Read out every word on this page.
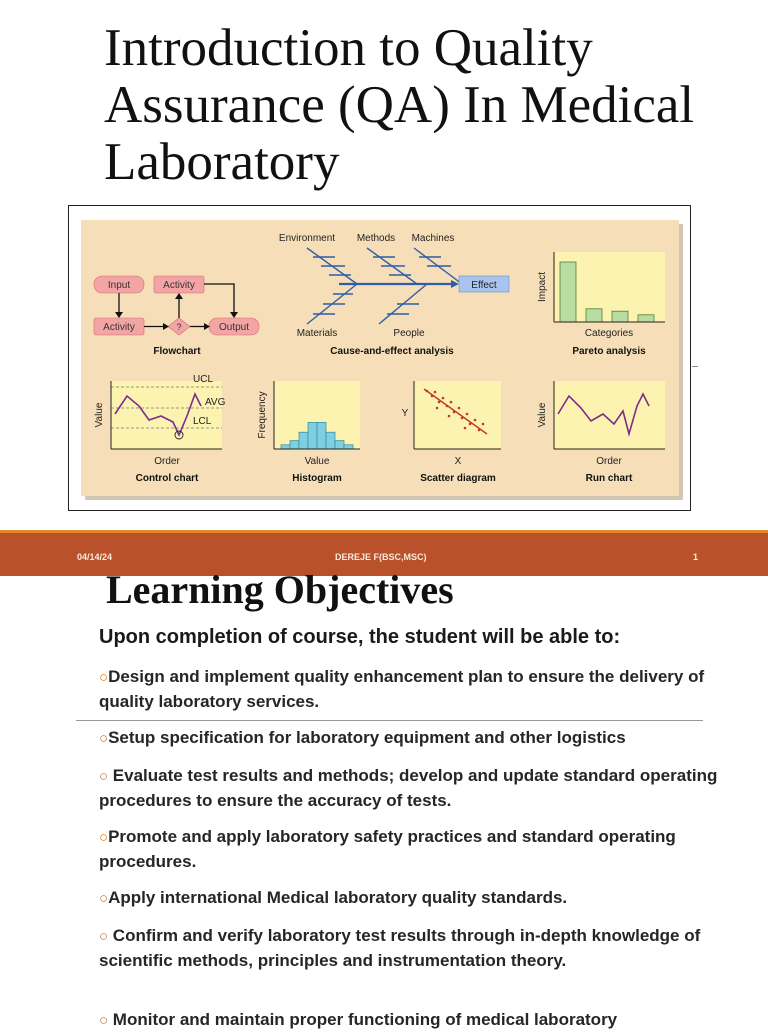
Introduction to Quality Assurance (QA) In Medical Laboratory
Input	Activity
Activity	?	Output
Flowchart
Environment Methods Machines
Effect
Materials	People
Cause-and-effect analysis
Impact
Categories
Pareto analysis
UCL
AVG
LCL
Value
Order
Control chart
Frequency
Value
Histogram
Y
X
Scatter diagram
Value
Order
Run chart
04/14/24	DEREJE F(BSC,MSC)	1
Learning Objectives
Upon completion of course, the student will be able to:
○Design and implement quality enhancement plan to ensure the delivery of quality laboratory services.
○Setup specification for laboratory equipment and other logistics
○ Evaluate test results and methods; develop and update standard operating procedures to ensure the accuracy of tests.
○Promote and apply laboratory safety practices and standard operating procedures.
○Apply international Medical laboratory quality standards.
○ Confirm and verify laboratory test results through in-depth knowledge of scientific methods, principles and instrumentation theory.
○ Monitor and maintain proper functioning of medical laboratory
